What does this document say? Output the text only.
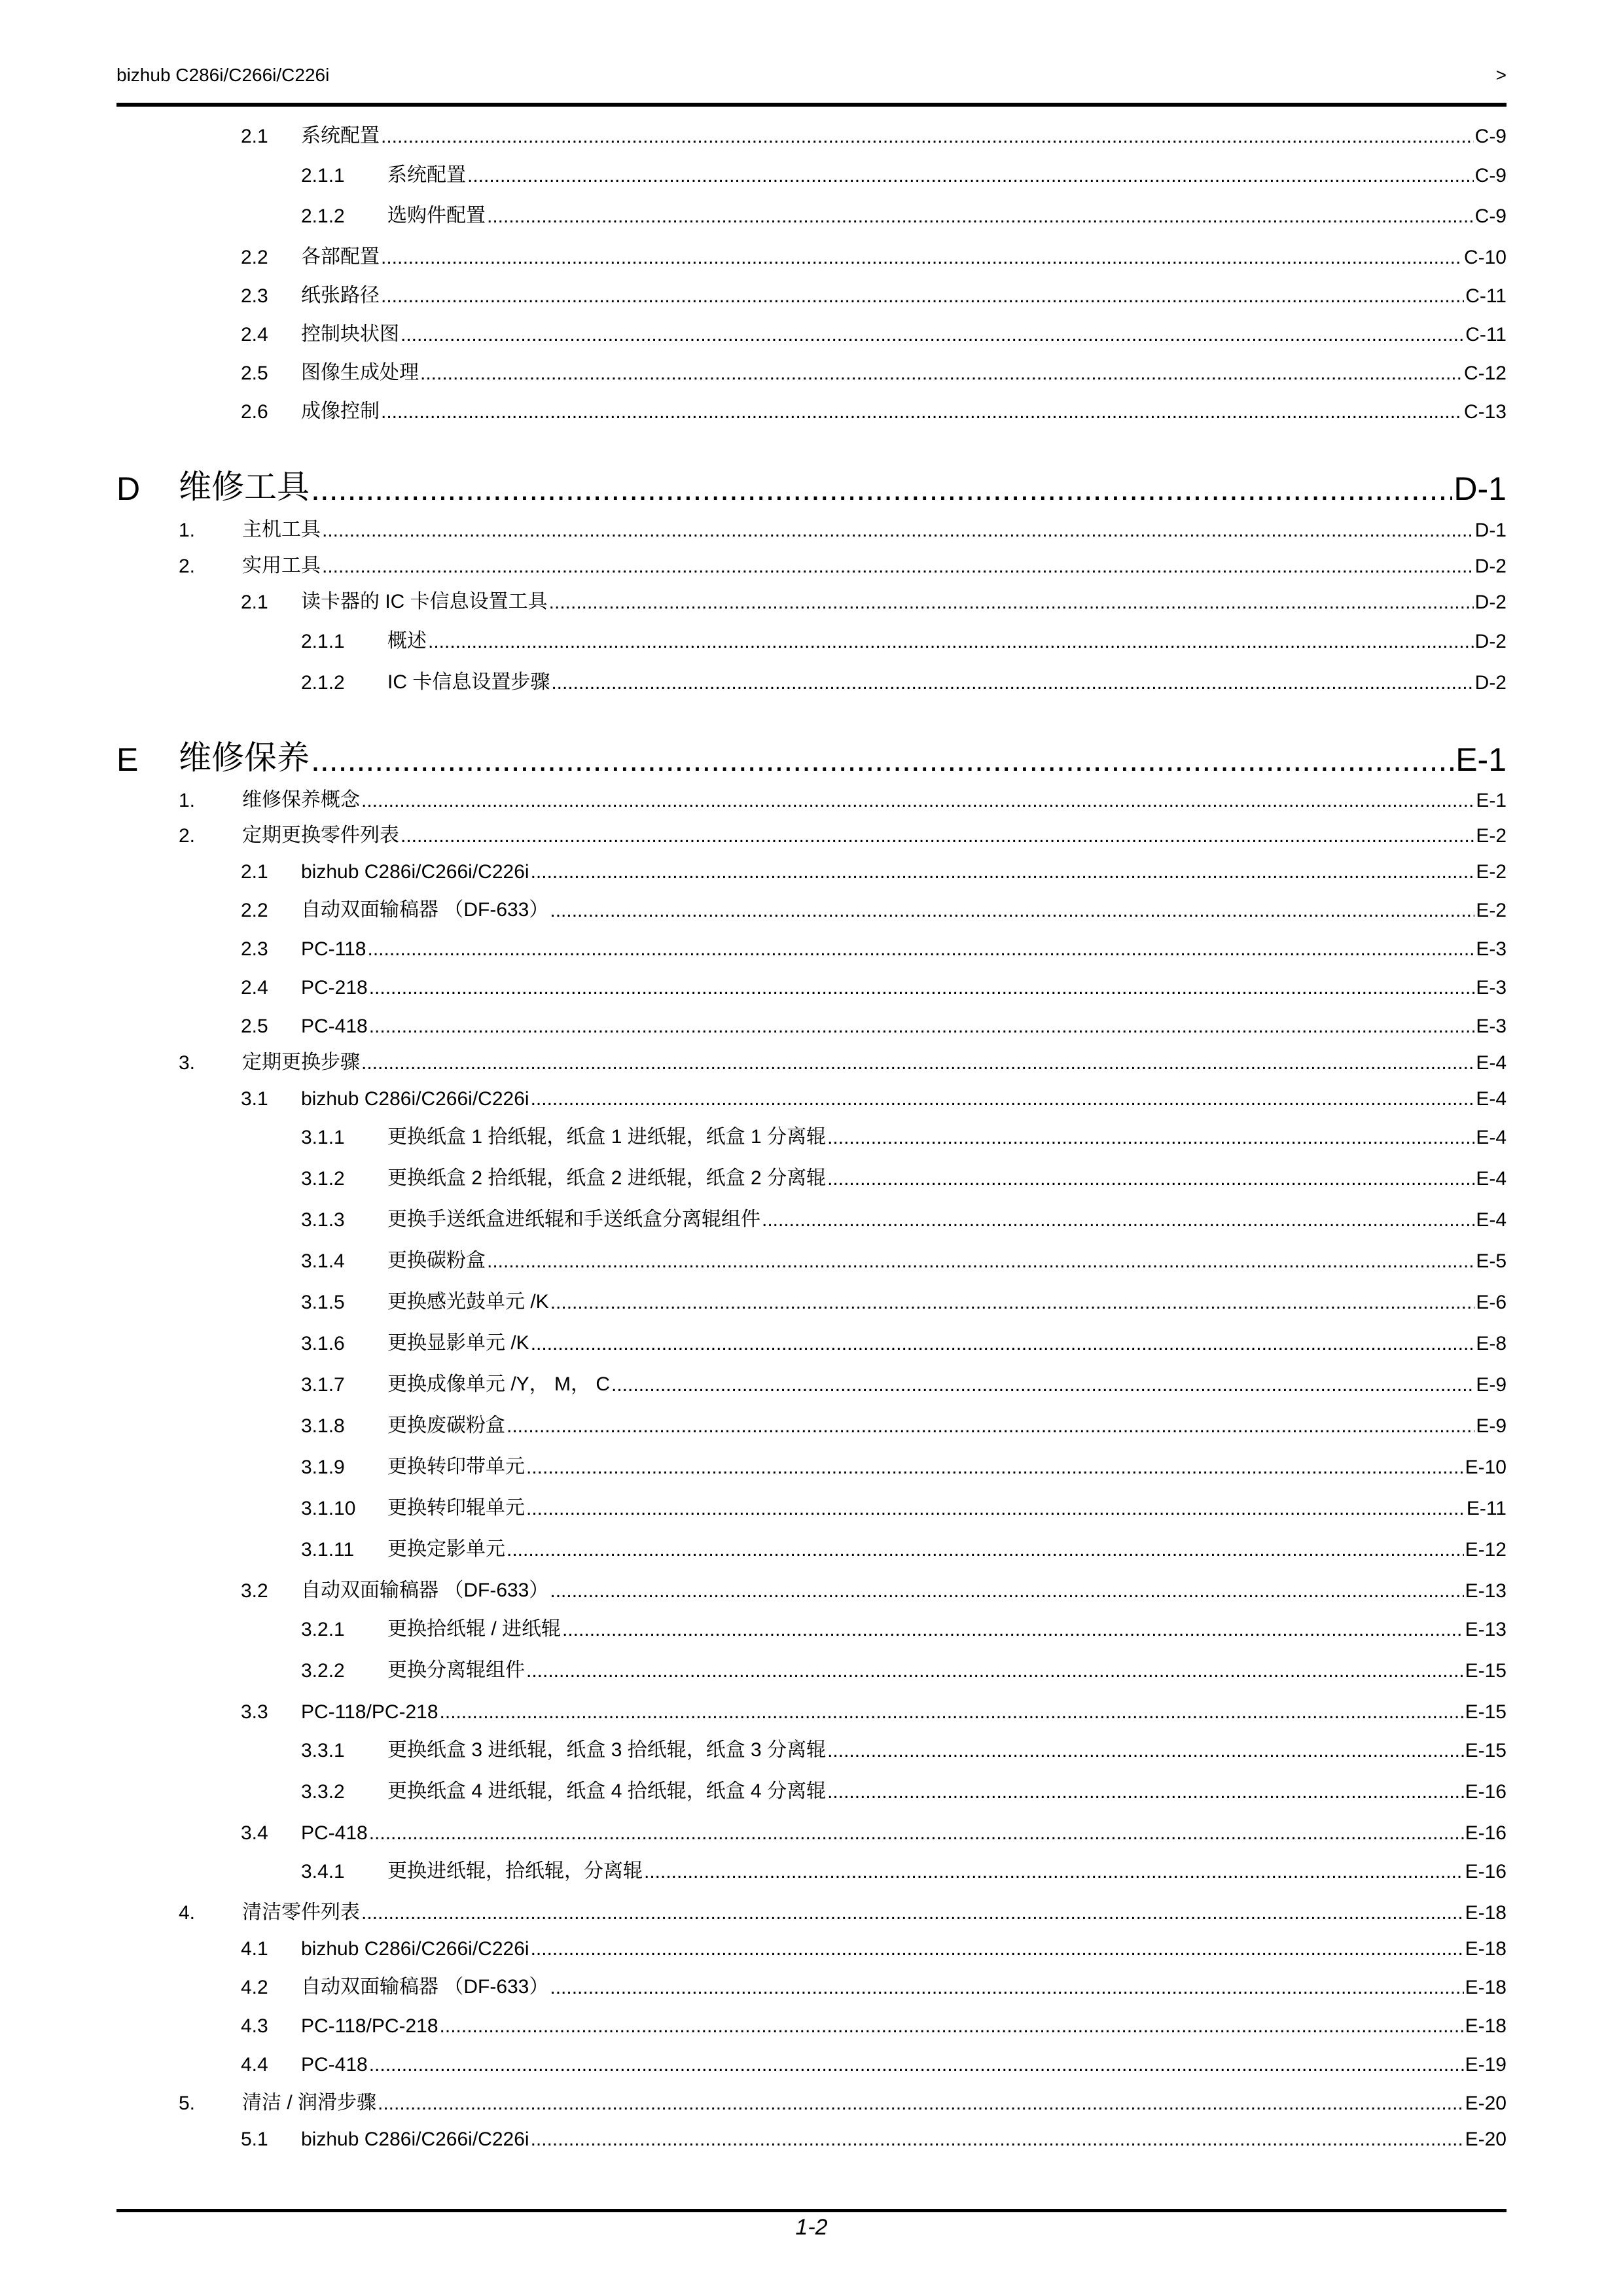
bizhub C286i/C266i/C226i	>
2.1	系统配置 .....	C-9
2.1.1	系统配置 .....	C-9
2.1.2	选购件配置 .....	C-9
2.2	各部配置 .....	C-10
2.3	纸张路径 .....	C-11
2.4	控制块状图 .....	C-11
2.5	图像生成处理 .....	C-12
2.6	成像控制 .....	C-13
D	维修工具 .....	D-1
1.	主机工具 .....	D-1
2.	实用工具 .....	D-2
2.1	读卡器的 IC 卡信息设置工具 .....	D-2
2.1.1	概述 .....	D-2
2.1.2	IC 卡信息设置步骤 .....	D-2
E	维修保养 .....	E-1
1.	维修保养概念 .....	E-1
2.	定期更换零件列表 .....	E-2
2.1	bizhub C286i/C266i/C226i .....	E-2
2.2	自动双面输稿器 （DF-633） .....	E-2
2.3	PC-118 .....	E-3
2.4	PC-218 .....	E-3
2.5	PC-418 .....	E-3
3.	定期更换步骤 .....	E-4
3.1	bizhub C286i/C266i/C226i .....	E-4
3.1.1	更换纸盒 1 拾纸辊，纸盒 1 进纸辊，纸盒 1 分离辊 .....	E-4
3.1.2	更换纸盒 2 拾纸辊，纸盒 2 进纸辊，纸盒 2 分离辊 .....	E-4
3.1.3	更换手送纸盒进纸辊和手送纸盒分离辊组件 .....	E-4
3.1.4	更换碳粉盒 .....	E-5
3.1.5	更换感光鼓单元 /K .....	E-6
3.1.6	更换显影单元 /K .....	E-8
3.1.7	更换成像单元 /Y， M， C .....	E-9
3.1.8	更换废碳粉盒 .....	E-9
3.1.9	更换转印带单元 .....	E-10
3.1.10	更换转印辊单元 .....	E-11
3.1.11	更换定影单元 .....	E-12
3.2	自动双面输稿器 （DF-633） .....	E-13
3.2.1	更换拾纸辊 / 进纸辊 .....	E-13
3.2.2	更换分离辊组件 .....	E-15
3.3	PC-118/PC-218 .....	E-15
3.3.1	更换纸盒 3 进纸辊，纸盒 3 拾纸辊，纸盒 3 分离辊 .....	E-15
3.3.2	更换纸盒 4 进纸辊，纸盒 4 拾纸辊，纸盒 4 分离辊 .....	E-16
3.4	PC-418 .....	E-16
3.4.1	更换进纸辊，拾纸辊，分离辊 .....	E-16
4.	清洁零件列表 .....	E-18
4.1	bizhub C286i/C266i/C226i .....	E-18
4.2	自动双面输稿器 （DF-633） .....	E-18
4.3	PC-118/PC-218 .....	E-18
4.4	PC-418 .....	E-19
5.	清洁 / 润滑步骤 .....	E-20
5.1	bizhub C286i/C266i/C226i .....	E-20
1-2
